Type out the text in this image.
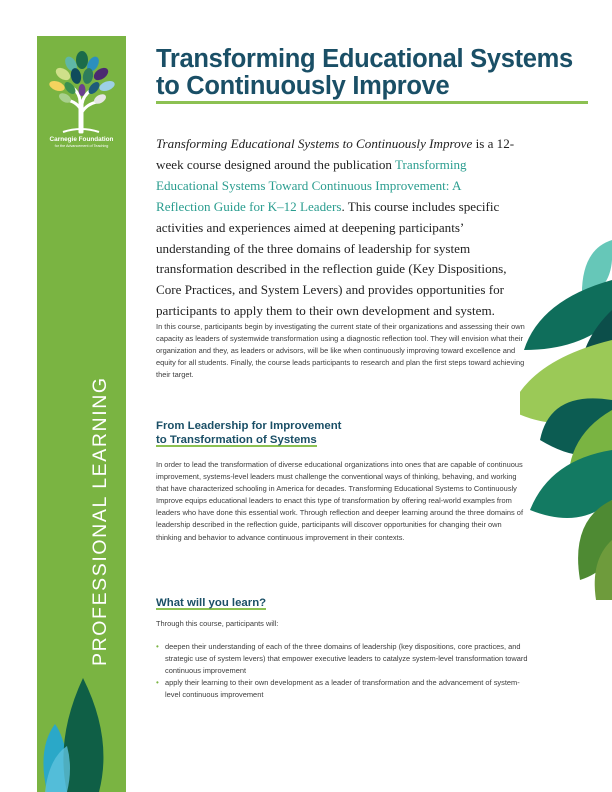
Carnegie Foundation
for the Advancement of Teaching
PROFESSIONAL LEARNING
Transforming Educational Systems
to Continuously Improve

Transforming Educational Systems to Continuously Improve is a 12-week course designed around the publication Transforming Educational Systems Toward Continuous Improvement: A Reflection Guide for K–12 Leaders. This course includes specific activities and experiences aimed at deepening participants’ understanding of the three domains of leadership for system transformation described in the reflection guide (Key Dispositions, Core Practices, and System Levers) and provides opportunities for participants to apply them to their own development and system.

In this course, participants begin by investigating the current state of their organizations and assessing their own capacity as leaders of systemwide transformation using a diagnostic reflection tool. They will envision what their organization and they, as leaders or advisors, will be like when continuously improving toward excellence and equity for all students. Finally, the course leads participants to research and plan the first steps toward achieving their target.

From Leadership for Improvement
to Transformation of Systems

In order to lead the transformation of diverse educational organizations into ones that are capable of continuous improvement, systems-level leaders must challenge the conventional ways of thinking, behaving, and working that have characterized schooling in America for decades. Transforming Educational Systems to Continuously Improve equips educational leaders to enact this type of transformation by offering real-world examples from leaders who have done this essential work. Through reflection and deeper learning around the three domains of leadership described in the reflection guide, participants will discover opportunities for changing their own thinking and behavior to advance continuous improvement in their contexts.

What will you learn?

Through this course, participants will:

• deepen their understanding of each of the three domains of leadership (key dispositions, core practices, and strategic use of system levers) that empower executive leaders to catalyze system-level transformation toward continuous improvement
• apply their learning to their own development as a leader of transformation and the advancement of system-level continuous improvement
